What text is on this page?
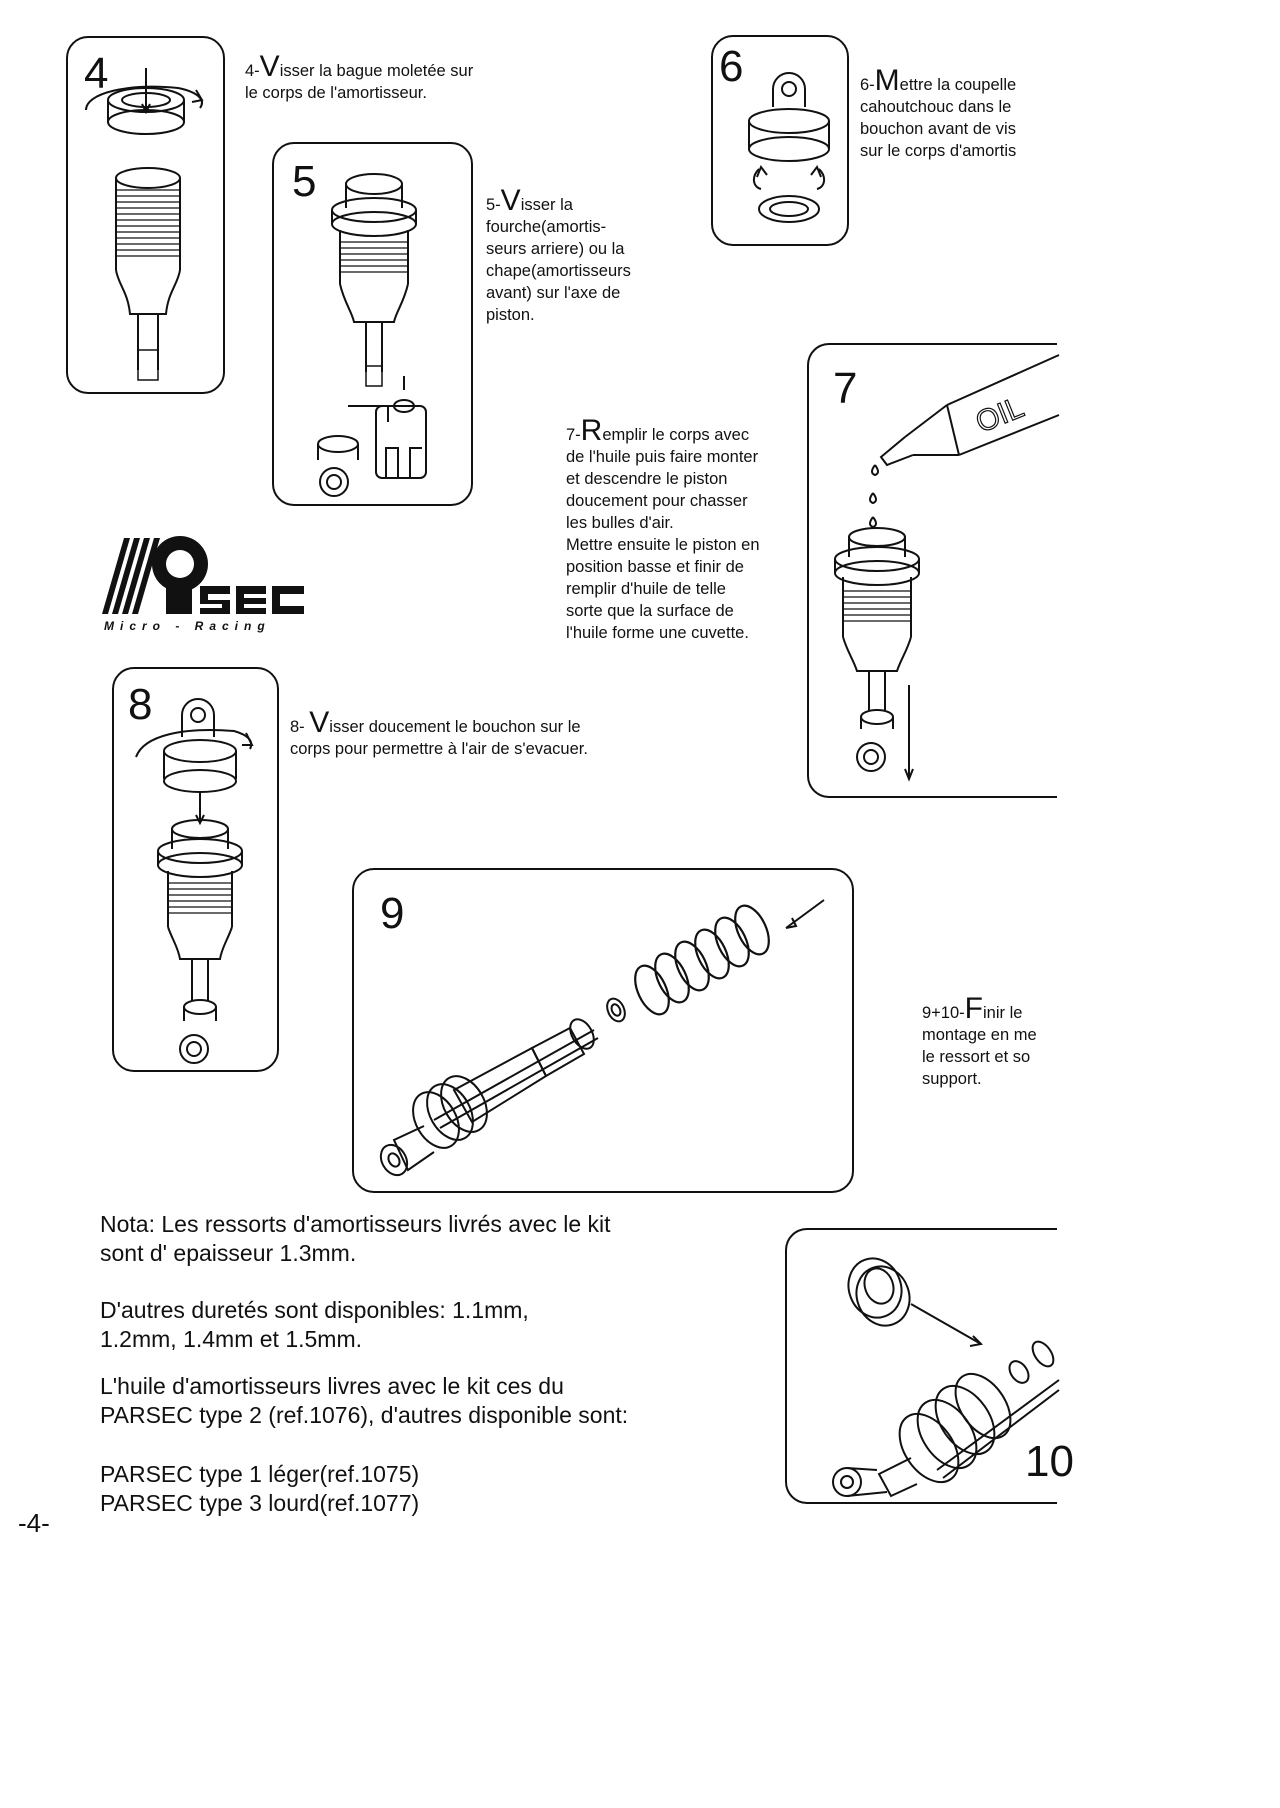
4	4-Visser la bague moletée sur
le corps de l'amortisseur.
5	5-Visser la
fourche(amortis-
seurs arriere) ou la
chape(amortisseurs
avant) sur l'axe de
piston.
6	6-Mettre la coupelle
cahoutchouc dans le
bouchon avant de vis
sur le corps d'amortis
Micro - Racing
7
OIL
7-Remplir le corps avec
de l'huile puis faire monter
et descendre le piston
doucement pour chasser
les bulles d'air.
Mettre ensuite le piston en
position basse et finir de
remplir d'huile de telle
sorte que la surface de
l'huile forme une cuvette.
8	8- Visser doucement le bouchon sur le
corps pour permettre à l'air de s'evacuer.
9
9+10-Finir le
montage en me
le ressort et so
support.
Nota: Les ressorts d'amortisseurs livrés avec le kit
sont d' epaisseur 1.3mm.
D'autres duretés sont disponibles: 1.1mm,
1.2mm, 1.4mm et 1.5mm.
L'huile d'amortisseurs livres avec le kit ces du
PARSEC type 2 (ref.1076), d'autres disponible sont:
PARSEC type 1 léger(ref.1075)
PARSEC type 3 lourd(ref.1077)
10
-4-
